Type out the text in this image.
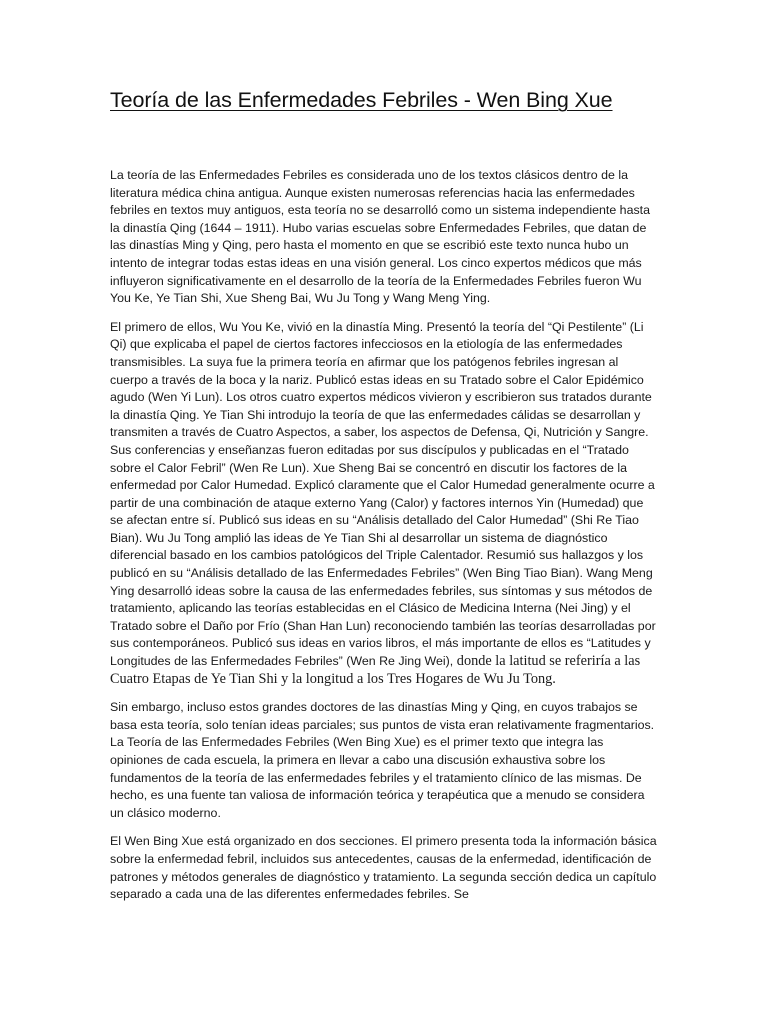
Teoría de las Enfermedades Febriles - Wen Bing Xue

La teoría de las Enfermedades Febriles es considerada uno de los textos clásicos dentro de la literatura médica china antigua. Aunque existen numerosas referencias hacia las enfermedades febriles en textos muy antiguos, esta teoría no se desarrolló como un sistema independiente hasta la dinastía Qing (1644 – 1911). Hubo varias escuelas sobre Enfermedades Febriles, que datan de las dinastías Ming y Qing, pero hasta el momento en que se escribió este texto nunca hubo un intento de integrar todas estas ideas en una visión general. Los cinco expertos médicos que más influyeron significativamente en el desarrollo de la teoría de la Enfermedades Febriles fueron Wu You Ke, Ye Tian Shi, Xue Sheng Bai, Wu Ju Tong y Wang Meng Ying.

El primero de ellos, Wu You Ke, vivió en la dinastía Ming. Presentó la teoría del “Qi Pestilente” (Li Qi) que explicaba el papel de ciertos factores infecciosos en la etiología de las enfermedades transmisibles. La suya fue la primera teoría en afirmar que los patógenos febriles ingresan al cuerpo a través de la boca y la nariz. Publicó estas ideas en su Tratado sobre el Calor Epidémico agudo (Wen Yi Lun). Los otros cuatro expertos médicos vivieron y escribieron sus tratados durante la dinastía Qing. Ye Tian Shi introdujo la teoría de que las enfermedades cálidas se desarrollan y transmiten a través de Cuatro Aspectos, a saber, los aspectos de Defensa, Qi, Nutrición y Sangre. Sus conferencias y enseñanzas fueron editadas por sus discípulos y publicadas en el “Tratado sobre el Calor Febril” (Wen Re Lun). Xue Sheng Bai se concentró en discutir los factores de la enfermedad por Calor Humedad. Explicó claramente que el Calor Humedad generalmente ocurre a partir de una combinación de ataque externo Yang (Calor) y factores internos Yin (Humedad) que se afectan entre sí. Publicó sus ideas en su “Análisis detallado del Calor Humedad” (Shi Re Tiao Bian). Wu Ju Tong amplió las ideas de Ye Tian Shi al desarrollar un sistema de diagnóstico diferencial basado en los cambios patológicos del Triple Calentador. Resumió sus hallazgos y los publicó en su “Análisis detallado de las Enfermedades Febriles” (Wen Bing Tiao Bian). Wang Meng Ying desarrolló ideas sobre la causa de las enfermedades febriles, sus síntomas y sus métodos de tratamiento, aplicando las teorías establecidas en el Clásico de Medicina Interna (Nei Jing) y el Tratado sobre el Daño por Frío (Shan Han Lun) reconociendo también las teorías desarrolladas por sus contemporáneos. Publicó sus ideas en varios libros, el más importante de ellos es “Latitudes y Longitudes de las Enfermedades Febriles” (Wen Re Jing Wei), donde la latitud se referiría a las Cuatro Etapas de Ye Tian Shi y la longitud a los Tres Hogares de Wu Ju Tong.

Sin embargo, incluso estos grandes doctores de las dinastías Ming y Qing, en cuyos trabajos se basa esta teoría, solo tenían ideas parciales; sus puntos de vista eran relativamente fragmentarios. La Teoría de las Enfermedades Febriles (Wen Bing Xue) es el primer texto que integra las opiniones de cada escuela, la primera en llevar a cabo una discusión exhaustiva sobre los fundamentos de la teoría de las enfermedades febriles y el tratamiento clínico de las mismas. De hecho, es una fuente tan valiosa de información teórica y terapéutica que a menudo se considera un clásico moderno.

El Wen Bing Xue está organizado en dos secciones. El primero presenta toda la información básica sobre la enfermedad febril, incluidos sus antecedentes, causas de la enfermedad, identificación de patrones y métodos generales de diagnóstico y tratamiento. La segunda sección dedica un capítulo separado a cada una de las diferentes enfermedades febriles. Se
